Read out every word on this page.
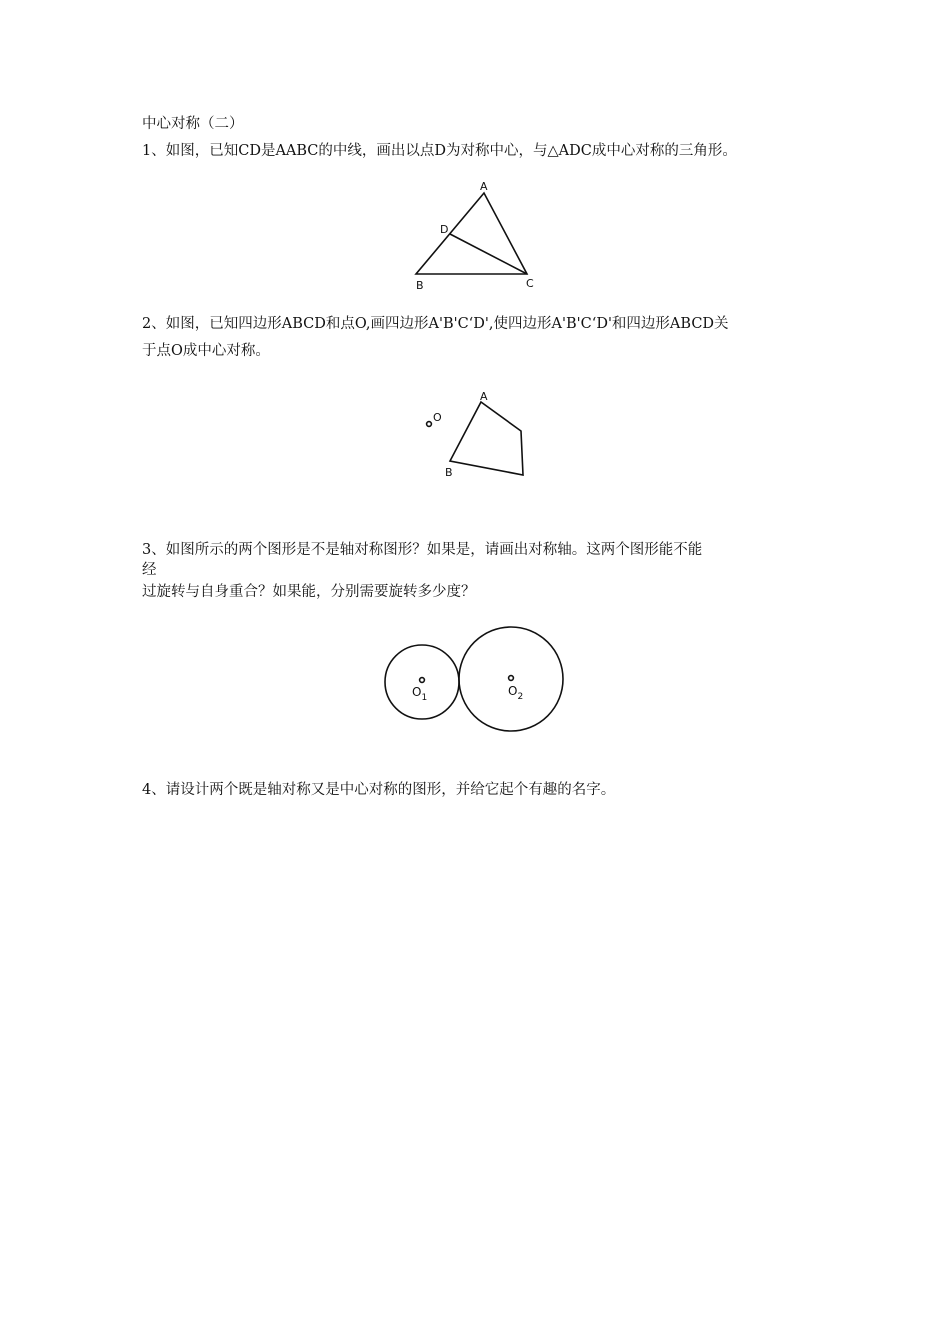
中心对称（二）
1、如图，已知CD是AABC的中线，画出以点D为对称中心，与△ADC成中心对称的三角形。
A
D
B	C
2、如图，已知四边形ABCD和点O,画四边形A'B'C‘D',使四边形A'B'C‘D'和四边形ABCD关
于点O成中心对称。
O
A
B
3、如图所示的两个图形是不是轴对称图形？如果是，请画出对称轴。这两个图形能不能
经
过旋转与自身重合？如果能，分别需要旋转多少度？
$O_1$	$O_2$
4、请设计两个既是轴对称又是中心对称的图形，并给它起个有趣的名字。
